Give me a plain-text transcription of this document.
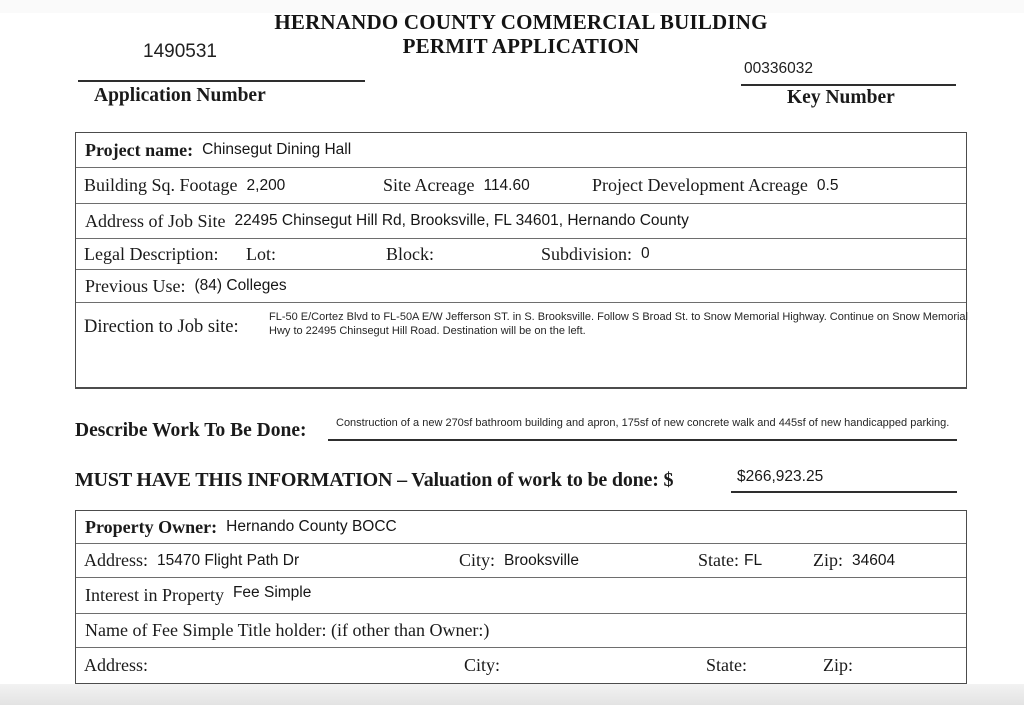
HERNANDO COUNTY COMMERCIAL BUILDING
PERMIT APPLICATION
1490531
Application Number
00336032
Key Number
Project name: Chinsegut Dining Hall
Building Sq. Footage 2,200	Site Acreage 114.60	Project Development Acreage 0.5
Address of Job Site 22495 Chinsegut Hill Rd, Brooksville, FL 34601, Hernando County
Legal Description: Lot:	Block:	Subdivision: 0
Previous Use: (84) Colleges
Direction to Job site:	FL-50 E/Cortez Blvd to FL-50A E/W Jefferson ST. in S. Brooksville. Follow S Broad St. to Snow Memorial Highway. Continue on Snow Memorial Hwy to 22495 Chinsegut Hill Road. Destination will be on the left.
Describe Work To Be Done:	Construction of a new 270sf bathroom building and apron, 175sf of new concrete walk and 445sf of new handicapped parking.
MUST HAVE THIS INFORMATION – Valuation of work to be done: $	$266,923.25
Property Owner: Hernando County BOCC
Address: 15470 Flight Path Dr	City: Brooksville	State: FL	Zip: 34604
Interest in Property Fee Simple
Name of Fee Simple Title holder: (if other than Owner:)
Address:	City:	State:	Zip:
